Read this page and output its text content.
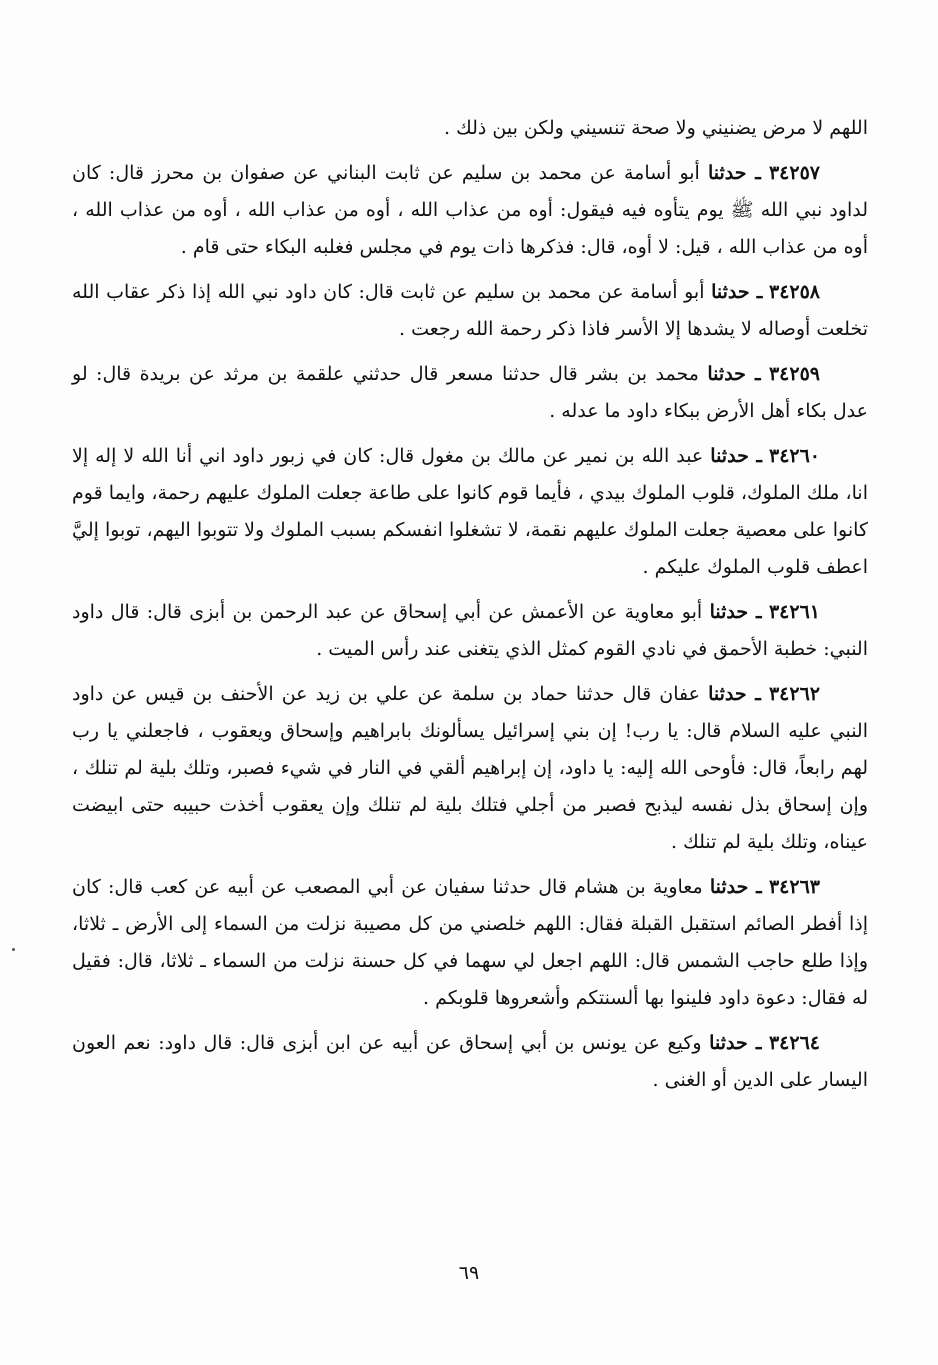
اللهم لا مرض يضنيني ولا صحة تنسيني ولكن بين ذلك .

٣٤٢٥٧ ـ حدثنا أبو أسامة عن محمد بن سليم عن ثابت البناني عن صفوان بن محرز قال: كان لداود نبي الله ﷺ يوم يتأوه فيه فيقول: أوه من عذاب الله ، أوه من عذاب الله ، أوه من عذاب الله ، أوه من عذاب الله ، قيل: لا أوه، قال: فذكرها ذات يوم في مجلس فغلبه البكاء حتى قام .

٣٤٢٥٨ ـ حدثنا أبو أسامة عن محمد بن سليم عن ثابت قال: كان داود نبي الله إذا ذكر عقاب الله تخلعت أوصاله لا يشدها إلا الأسر فاذا ذكر رحمة الله رجعت .

٣٤٢٥٩ ـ حدثنا محمد بن بشر قال حدثنا مسعر قال حدثني علقمة بن مرثد عن بريدة قال: لو عدل بكاء أهل الأرض ببكاء داود ما عدله .

٣٤٢٦٠ ـ حدثنا عبد الله بن نمير عن مالك بن مغول قال: كان في زبور داود اني أنا الله لا إله إلا انا، ملك الملوك، قلوب الملوك بيدي ، فأيما قوم كانوا على طاعة جعلت الملوك عليهم رحمة، وايما قوم كانوا على معصية جعلت الملوك عليهم نقمة، لا تشغلوا انفسكم بسبب الملوك ولا تتوبوا اليهم، توبوا إليَّ اعطف قلوب الملوك عليكم .

٣٤٢٦١ ـ حدثنا أبو معاوية عن الأعمش عن أبي إسحاق عن عبد الرحمن بن أبزى قال: قال داود النبي: خطبة الأحمق في نادي القوم كمثل الذي يتغنى عند رأس الميت .

٣٤٢٦٢ ـ حدثنا عفان قال حدثنا حماد بن سلمة عن علي بن زيد عن الأحنف بن قيس عن داود النبي عليه السلام قال: يا رب! إن بني إسرائيل يسألونك بابراهيم وإسحاق ويعقوب ، فاجعلني يا رب لهم رابعاً، قال: فأوحى الله إليه: يا داود، إن إبراهيم ألقي في النار في شيء فصبر، وتلك بلية لم تنلك ، وإن إسحاق بذل نفسه ليذبح فصبر من أجلي فتلك بلية لم تنلك وإن يعقوب أخذت حبيبه حتى ابيضت عيناه، وتلك بلية لم تنلك .

٣٤٢٦٣ ـ حدثنا معاوية بن هشام قال حدثنا سفيان عن أبي المصعب عن أبيه عن كعب قال: كان إذا أفطر الصائم استقبل القبلة فقال: اللهم خلصني من كل مصيبة نزلت من السماء إلى الأرض ـ ثلاثا، وإذا طلع حاجب الشمس قال: اللهم اجعل لي سهما في كل حسنة نزلت من السماء ـ ثلاثا، قال: فقيل له فقال: دعوة داود فلينوا بها ألسنتكم وأشعروها قلوبكم .

٣٤٢٦٤ ـ حدثنا وكيع عن يونس بن أبي إسحاق عن أبيه عن ابن أبزى قال: قال داود: نعم العون اليسار على الدين أو الغنى .

٦٩
